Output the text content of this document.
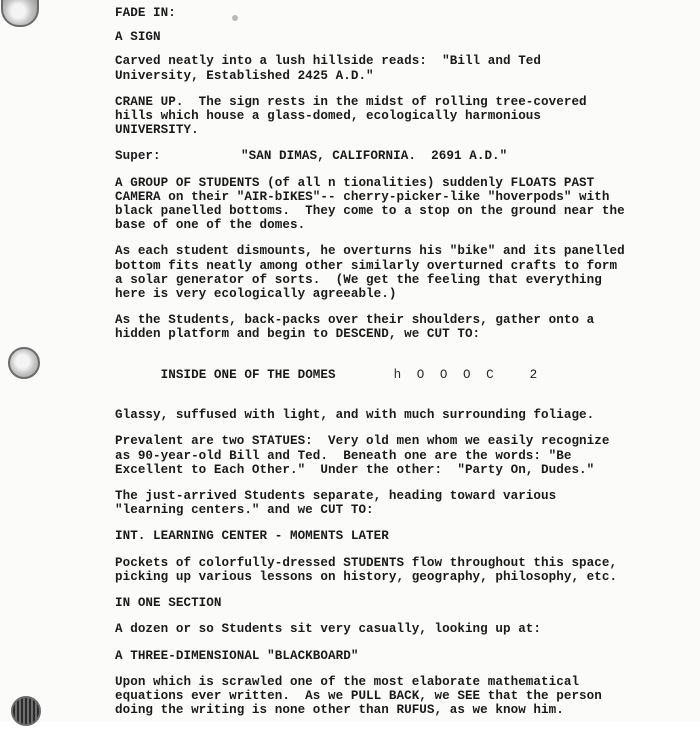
FADE IN:
A SIGN
Carved neatly into a lush hillside reads:  "Bill and Ted
University, Established 2425 A.D."
CRANE UP.  The sign rests in the midst of rolling tree-covered
hills which house a glass-domed, ecologically harmonious
UNIVERSITY.
Super:	"SAN DIMAS, CALIFORNIA.  2691 A.D."
A GROUP OF STUDENTS (of all n tionalities) suddenly FLOATS PAST
CAMERA on their "AIR-bIKES"-- cherry-picker-like "hoverpods" with
black panelled bottoms.  They come to a stop on the ground near the
base of one of the domes.
As each student dismounts, he overturns his "bike" and its panelled
bottom fits neatly among other similarly overturned crafts to form
a solar generator of sorts.  (We get the feeling that everything
here is very ecologically agreeable.)
As the Students, back-packs over their shoulders, gather onto a
hidden platform and begin to DESCEND, we CUT TO:

INSIDE ONE OF THE DOMES	h O O O C	2

Glassy, suffused with light, and with much surrounding foliage.
Prevalent are two STATUES:  Very old men whom we easily recognize
as 90-year-old Bill and Ted.  Beneath one are the words: "Be
Excellent to Each Other."  Under the other:  "Party On, Dudes."
The just-arrived Students separate, heading toward various
"learning centers." and we CUT TO:
INT. LEARNING CENTER - MOMENTS LATER
Pockets of colorfully-dressed STUDENTS flow throughout this space,
picking up various lessons on history, geography, philosophy, etc.
IN ONE SECTION
A dozen or so Students sit very casually, looking up at:
A THREE-DIMENSIONAL "BLACKBOARD"
Upon which is scrawled one of the most elaborate mathematical
equations ever written.  As we PULL BACK, we SEE that the person
doing the writing is none other than RUFUS, as we know him.
